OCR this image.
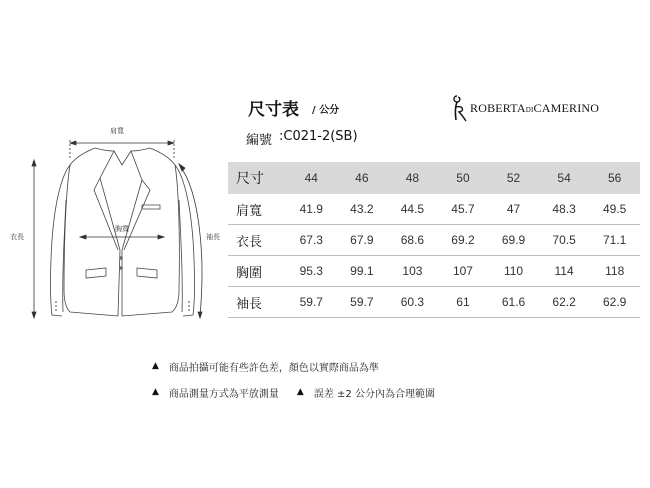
尺寸表 / 公分
編號 :C021-2(SB)
ROBERTADICAMERINO
肩寬
胸寬
衣長	袖長
尺寸	44	46	48	50	52	54	56
肩寬	41.9	43.2	44.5	45.7	47	48.3	49.5
衣長	67.3	67.9	68.6	69.2	69.9	70.5	71.1
胸圍	95.3	99.1	103	107	110	114	118
袖長	59.7	59.7	60.3	61	61.6	62.2	62.9
▲ 商品拍攝可能有些許色差，顏色以實際商品為準
▲ 商品測量方式為平放測量 ▲ 誤差 ±2 公分內為合理範圍
